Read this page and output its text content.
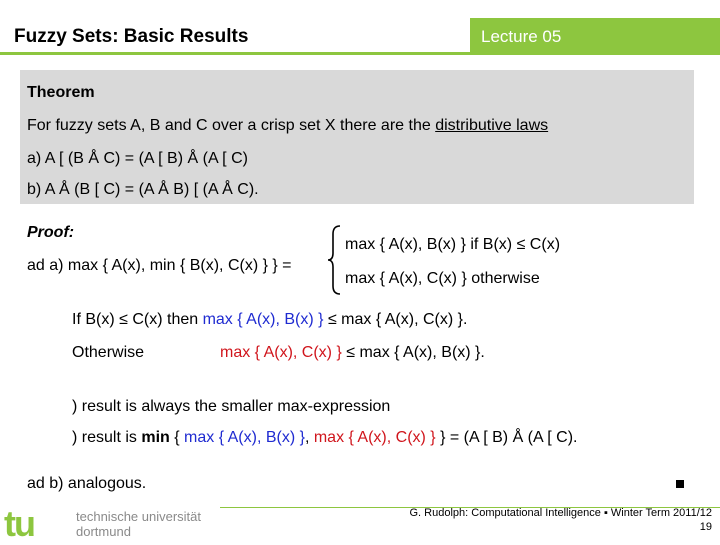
Fuzzy Sets: Basic Results	Lecture 05
Theorem
For fuzzy sets A, B and C over a crisp set X there are the distributive laws
a) A [ (B Å C) = (A [ B) Å (A [ C)
b) A Å (B [ C) = (A Å B) [ (A Å C).
Proof:
ad a) max { A(x), min { B(x), C(x) } } =
max { A(x), B(x) } if B(x) ≤ C(x)
max { A(x), C(x) } otherwise
If B(x) ≤ C(x) then max { A(x), B(x) } ≤ max { A(x), C(x) }.
Otherwise	max { A(x), C(x) } ≤ max { A(x), B(x) }.
) result is always the smaller max-expression
) result is min { max { A(x), B(x) }, max { A(x), C(x) } } = (A [ B) Å (A [ C).
ad b) analogous.
tu	technische universität
dortmund
G. Rudolph: Computational Intelligence ▪ Winter Term 2011/12
19
